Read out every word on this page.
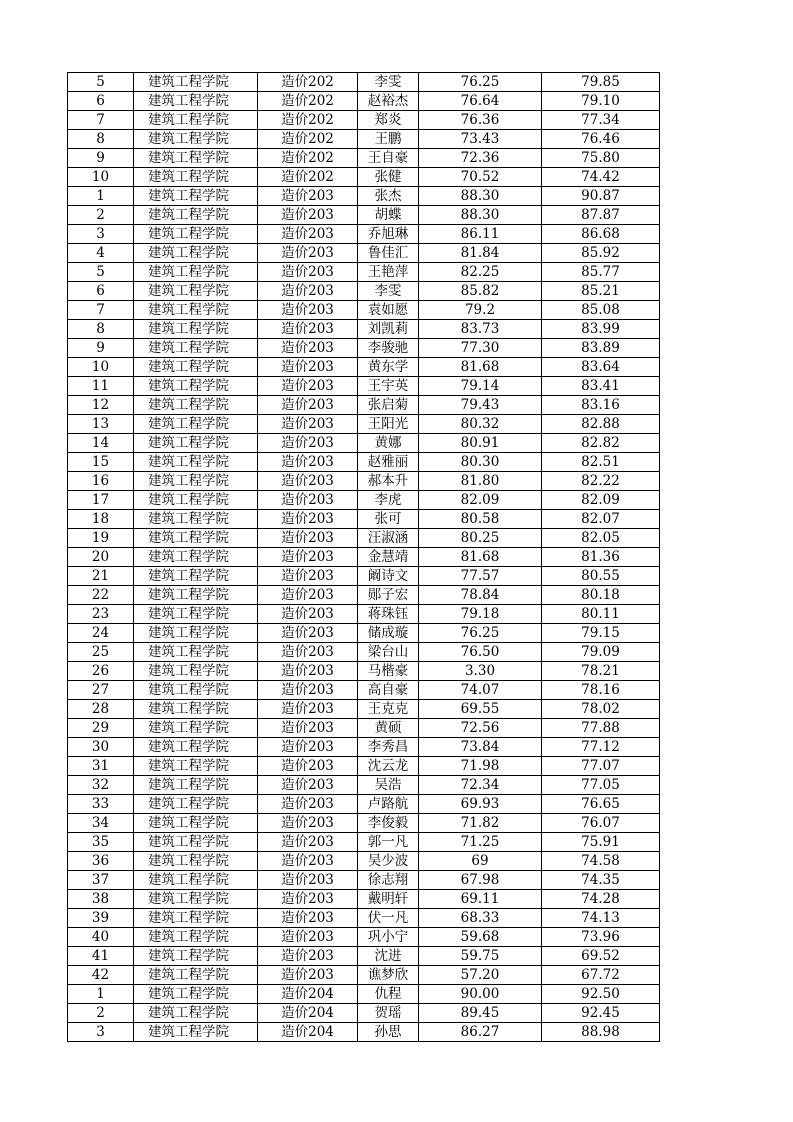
5	建筑工程学院	造价202	李雯	76.25	79.85
6	建筑工程学院	造价202	赵裕杰	76.64	79.10
7	建筑工程学院	造价202	郑炎	76.36	77.34
8	建筑工程学院	造价202	王鹏	73.43	76.46
9	建筑工程学院	造价202	王自豪	72.36	75.80
10	建筑工程学院	造价202	张健	70.52	74.42
1	建筑工程学院	造价203	张杰	88.30	90.87
2	建筑工程学院	造价203	胡蝶	88.30	87.87
3	建筑工程学院	造价203	乔旭琳	86.11	86.68
4	建筑工程学院	造价203	鲁佳汇	81.84	85.92
5	建筑工程学院	造价203	王艳萍	82.25	85.77
6	建筑工程学院	造价203	李雯	85.82	85.21
7	建筑工程学院	造价203	袁如愿	79.2	85.08
8	建筑工程学院	造价203	刘凯莉	83.73	83.99
9	建筑工程学院	造价203	李骏驰	77.30	83.89
10	建筑工程学院	造价203	黄东学	81.68	83.64
11	建筑工程学院	造价203	王宇英	79.14	83.41
12	建筑工程学院	造价203	张启菊	79.43	83.16
13	建筑工程学院	造价203	王阳光	80.32	82.88
14	建筑工程学院	造价203	黄娜	80.91	82.82
15	建筑工程学院	造价203	赵雅丽	80.30	82.51
16	建筑工程学院	造价203	郝本升	81.80	82.22
17	建筑工程学院	造价203	李虎	82.09	82.09
18	建筑工程学院	造价203	张可	80.58	82.07
19	建筑工程学院	造价203	汪淑涵	80.25	82.05
20	建筑工程学院	造价203	金慧靖	81.68	81.36
21	建筑工程学院	造价203	阚诗文	77.57	80.55
22	建筑工程学院	造价203	郧子宏	78.84	80.18
23	建筑工程学院	造价203	蒋珠钰	79.18	80.11
24	建筑工程学院	造价203	储成璇	76.25	79.15
25	建筑工程学院	造价203	梁台山	76.50	79.09
26	建筑工程学院	造价203	马楷豪	3.30	78.21
27	建筑工程学院	造价203	高自豪	74.07	78.16
28	建筑工程学院	造价203	王克克	69.55	78.02
29	建筑工程学院	造价203	黄硕	72.56	77.88
30	建筑工程学院	造价203	李秀昌	73.84	77.12
31	建筑工程学院	造价203	沈云龙	71.98	77.07
32	建筑工程学院	造价203	吴浩	72.34	77.05
33	建筑工程学院	造价203	卢路航	69.93	76.65
34	建筑工程学院	造价203	李俊毅	71.82	76.07
35	建筑工程学院	造价203	郭一凡	71.25	75.91
36	建筑工程学院	造价203	吴少波	69	74.58
37	建筑工程学院	造价203	徐志翔	67.98	74.35
38	建筑工程学院	造价203	戴明轩	69.11	74.28
39	建筑工程学院	造价203	伏一凡	68.33	74.13
40	建筑工程学院	造价203	巩小宁	59.68	73.96
41	建筑工程学院	造价203	沈进	59.75	69.52
42	建筑工程学院	造价203	谯梦欣	57.20	67.72
1	建筑工程学院	造价204	仇程	90.00	92.50
2	建筑工程学院	造价204	贺瑶	89.45	92.45
3	建筑工程学院	造价204	孙思	86.27	88.98
